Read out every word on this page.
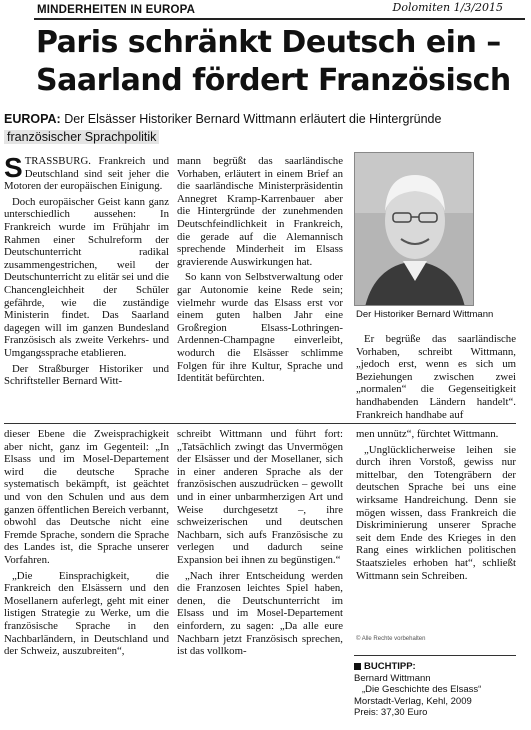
MINDERHEITEN IN EUROPA	Dolomiten 1/3/2015
Paris schränkt Deutsch ein –
Saarland fördert Französisch
EUROPA: Der Elsässer Historiker Bernard Wittmann erläutert die Hintergründe
französischer Sprachpolitik

STRASSBURG. Frankreich und Deutschland sind seit jeher die Motoren der europäischen Einigung.

Doch europäischer Geist kann ganz unterschiedlich aussehen: In Frankreich wurde im Frühjahr im Rahmen einer Schulreform der Deutschunterricht radikal zusammengestrichen, weil der Deutschunterricht zu elitär sei und die Chancengleichheit der Schüler gefährde, wie die zuständige Ministerin findet. Das Saarland dagegen will im ganzen Bundesland Französisch als zweite Verkehrs- und Umgangssprache etablieren.

Der Straßburger Historiker und Schriftsteller Bernard Witt-

mann begrüßt das saarländische Vorhaben, erläutert in einem Brief an die saarländische Ministerpräsidentin Annegret Kramp-Karrenbauer aber die Hintergründe der zunehmenden Deutschfeindlichkeit in Frankreich, die gerade auf die Alemannisch sprechende Minderheit im Elsass gravierende Auswirkungen hat.

So kann von Selbstverwaltung oder gar Autonomie keine Rede sein; vielmehr wurde das Elsass erst vor einem guten halben Jahr eine Großregion Elsass-Lothringen-Ardennen-Champagne einverleibt, wodurch die Elsässer schlimme Folgen für ihre Kultur, Sprache und Identität befürchten.

Der Historiker Bernard Wittmann

Er begrüße das saarländische Vorhaben, schreibt Wittmann, „jedoch erst, wenn es sich um Beziehungen zwischen zwei „normalen“ die Gegenseitigkeit handhabenden Ländern handelt“. Frankreich handhabe auf

dieser Ebene die Zweisprachigkeit aber nicht, ganz im Gegenteil: „In Elsass und im Mosel-Departement wird die deutsche Sprache systematisch bekämpft, ist geächtet und von den Schulen und aus dem ganzen öffentlichen Bereich verbannt, obwohl das Deutsche nicht eine Fremde Sprache, sondern die Sprache des Landes ist, die Sprache unserer Vorfahren.

„Die Einsprachigkeit, die Frankreich den Elsässern und den Mosellanern auferlegt, geht mit einer listigen Strategie zu Werke, um die französische Sprache in den Nachbarländern, in Deutschland und der Schweiz, auszubreiten“,

schreibt Wittmann und führt fort: „Tatsächlich zwingt das Unvermögen der Elsässer und der Mosellaner, sich in einer anderen Sprache als der französischen auszudrücken – gewollt und in einer unbarmherzigen Art und Weise durchgesetzt –, ihre schweizerischen und deutschen Nachbarn, sich aufs Französische zu verlegen und dadurch seine Expansion bei ihnen zu begünstigen.“

„Nach ihrer Entscheidung werden die Franzosen leichtes Spiel haben, denen, die Deutschunterricht im Elsass und im Mosel-Departement einfordern, zu sagen: „Da alle eure Nachbarn jetzt Französisch sprechen, ist das vollkom-

men unnütz“, fürchtet Wittmann.

„Unglücklicherweise leihen sie durch ihren Vorstoß, gewiss nur mittelbar, den Totengräbern der deutschen Sprache bei uns eine wirksame Handreichung. Denn sie mögen wissen, dass Frankreich die Diskriminierung unserer Sprache seit dem Ende des Krieges in den Rang eines wirklichen politischen Staatszieles erhoben hat“, schließt Wittmann sein Schreiben.

© Alle Rechte vorbehalten
BUCHTIPP:
Bernard Wittmann
„Die Geschichte des Elsass“
Morstadt-Verlag, Kehl, 2009
Preis: 37,30 Euro
